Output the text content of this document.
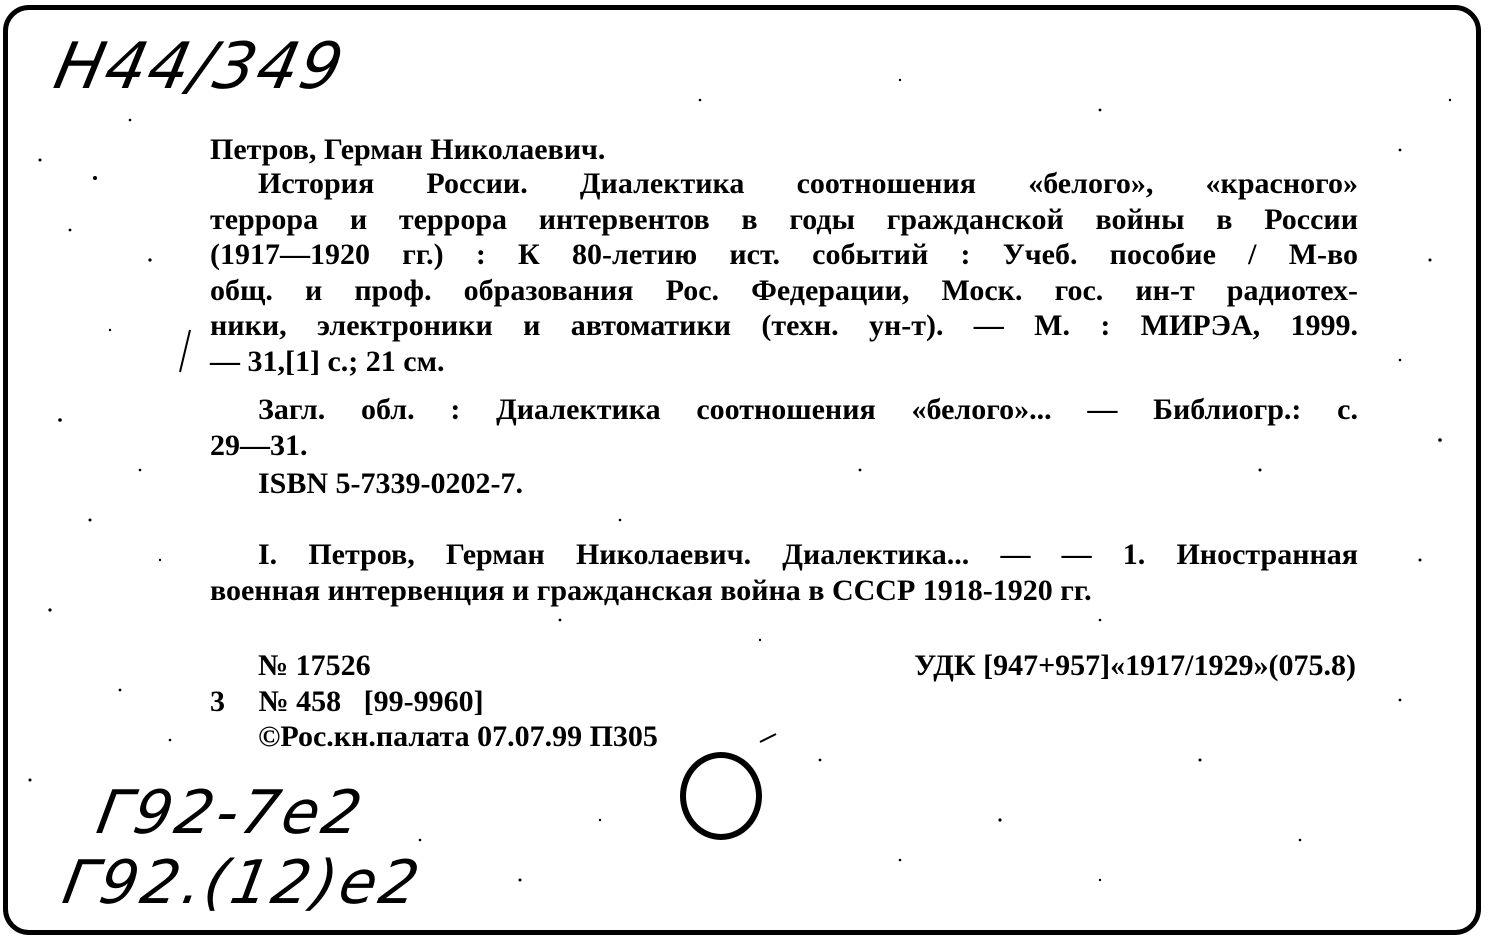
Н44/349
Петров, Герман Николаевич.
История России. Диалектика соотношения «белого», «красного»
террора и террора интервентов в годы гражданской войны в России
(1917—1920 гг.) : К 80-летию ист. событий : Учеб. пособие / М-во
общ. и проф. образования Рос. Федерации, Моск. гос. ин-т радиотех-
ники, электроники и автоматики (техн. ун-т). — М. : МИРЭА, 1999.
— 31,[1] с.; 21 см.
Загл. обл. : Диалектика соотношения «белого»... — Библиогр.: с.
29—31.
ISBN 5-7339-0202-7.
I. Петров, Герман Николаевич. Диалектика... — — 1. Иностранная
военная интервенция и гражданская война в СССР 1918-1920 гг.
№ 17526
3 № 458   [99-9960]
©Рос.кн.палата 07.07.99 П305
УДК [947+957]«1917/1929»(075.8)
Г92-7е2
Г92.(12)е2
